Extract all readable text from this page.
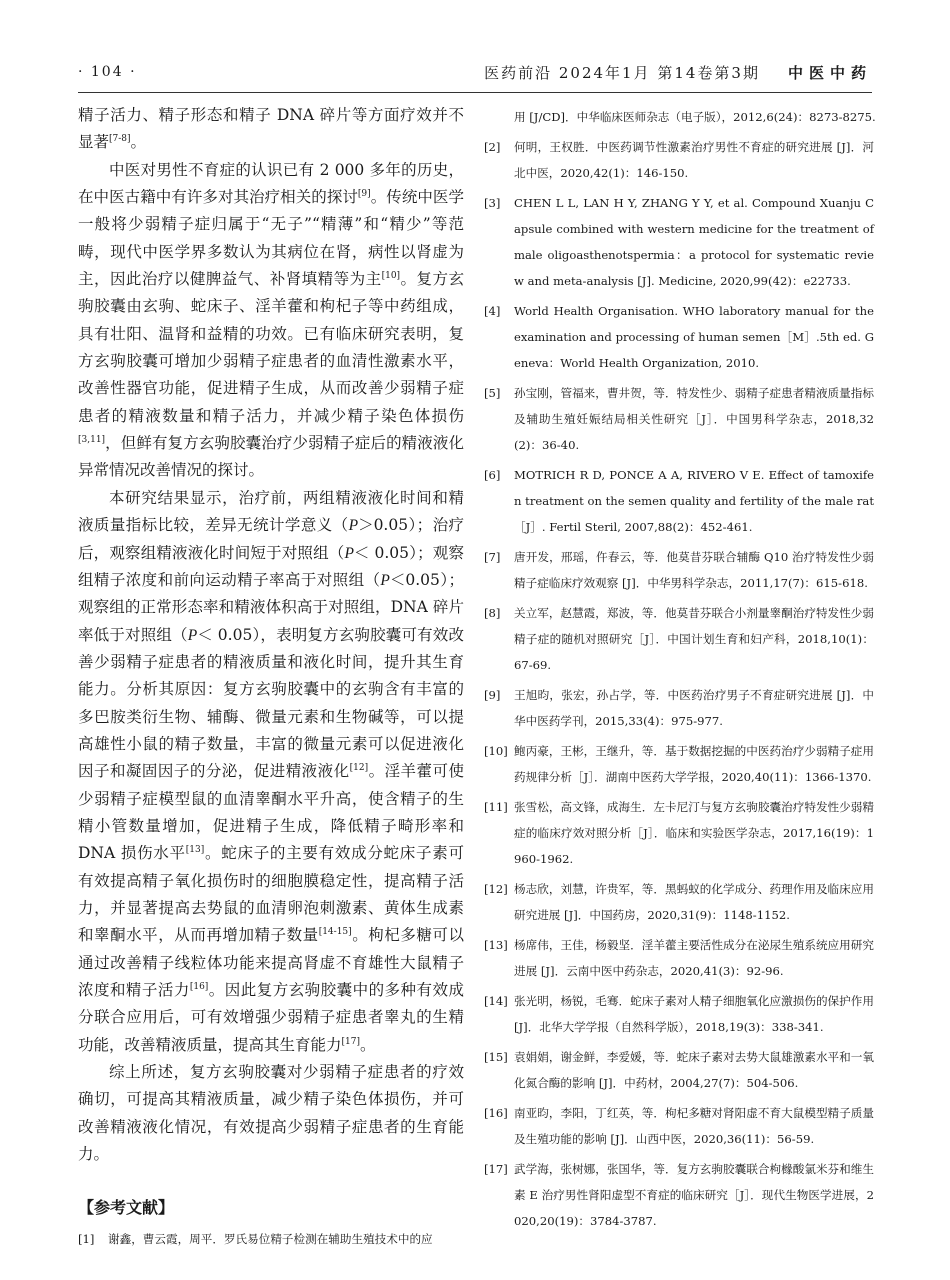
· 104 ·	医药前沿 2024年1月 第14卷第3期 中医中药

精子活力、精子形态和精子 DNA 碎片等方面疗效并不显著[7-8]。

中医对男性不育症的认识已有 2 000 多年的历史，在中医古籍中有许多对其治疗相关的探讨[9]。传统中医学一般将少弱精子症归属于“无子”“精薄”和“精少”等范畴，现代中医学界多数认为其病位在肾，病性以肾虚为主，因此治疗以健脾益气、补肾填精等为主[10]。复方玄驹胶囊由玄驹、蛇床子、淫羊藿和枸杞子等中药组成，具有壮阳、温肾和益精的功效。已有临床研究表明，复方玄驹胶囊可增加少弱精子症患者的血清性激素水平，改善性器官功能，促进精子生成，从而改善少弱精子症患者的精液数量和精子活力，并减少精子染色体损伤[3,11]，但鲜有复方玄驹胶囊治疗少弱精子症后的精液液化异常情况改善情况的探讨。

本研究结果显示，治疗前，两组精液液化时间和精液质量指标比较，差异无统计学意义（P＞0.05）；治疗后，观察组精液液化时间短于对照组（P＜ 0.05）；观察组精子浓度和前向运动精子率高于对照组（P＜0.05）；观察组的正常形态率和精液体积高于对照组，DNA 碎片率低于对照组（P＜ 0.05），表明复方玄驹胶囊可有效改善少弱精子症患者的精液质量和液化时间，提升其生育能力。分析其原因：复方玄驹胶囊中的玄驹含有丰富的多巴胺类衍生物、辅酶、微量元素和生物碱等，可以提高雄性小鼠的精子数量，丰富的微量元素可以促进液化因子和凝固因子的分泌，促进精液液化[12]。淫羊藿可使少弱精子症模型鼠的血清睾酮水平升高，使含精子的生精小管数量增加，促进精子生成，降低精子畸形率和 DNA 损伤水平[13]。蛇床子的主要有效成分蛇床子素可有效提高精子氧化损伤时的细胞膜稳定性，提高精子活力，并显著提高去势鼠的血清卵泡刺激素、黄体生成素和睾酮水平，从而再增加精子数量[14-15]。枸杞多糖可以通过改善精子线粒体功能来提高肾虚不育雄性大鼠精子浓度和精子活力[16]。因此复方玄驹胶囊中的多种有效成分联合应用后，可有效增强少弱精子症患者睾丸的生精功能，改善精液质量，提高其生育能力[17]。

综上所述，复方玄驹胶囊对少弱精子症患者的疗效确切，可提高其精液质量，减少精子染色体损伤，并可改善精液液化情况，有效提高少弱精子症患者的生育能力。

【参考文献】

[1]	谢鑫，曹云霞，周平．罗氏易位精子检测在辅助生殖技术中的应

用 [J/CD]．中华临床医师杂志（电子版），2012,6(24)：8273-8275.

[2]	何明，王权胜．中医药调节性激素治疗男性不育症的研究进展 [J]．河北中医，2020,42(1)：146-150.
[3]	CHEN L L, LAN H Y, ZHANG Y Y, et al. Compound Xuanju Capsule combined with western medicine for the treatment of male oligoasthenotspermia：a protocol for systematic review and meta-analysis [J]. Medicine, 2020,99(42)：e22733.
[4]	World Health Organisation. WHO laboratory manual for the examination and processing of human semen［M］.5th ed. Geneva：World Health Organization, 2010.
[5]	孙宝刚，管福来，曹井贺，等．特发性少、弱精子症患者精液质量指标及辅助生殖妊娠结局相关性研究［J］．中国男科学杂志，2018,32(2)：36-40.
[6]	MOTRICH R D, PONCE A A, RIVERO V E. Effect of tamoxifen treatment on the semen quality and fertility of the male rat［J］. Fertil Steril, 2007,88(2)：452-461.
[7]	唐开发，邢瑶，仵春云，等．他莫昔芬联合辅酶 Q10 治疗特发性少弱精子症临床疗效观察 [J]．中华男科学杂志，2011,17(7)：615-618.
[8]	关立军，赵慧霞，郑波，等．他莫昔芬联合小剂量睾酮治疗特发性少弱精子症的随机对照研究［J］．中国计划生育和妇产科，2018,10(1)：67-69.
[9]	王旭昀，张宏，孙占学，等．中医药治疗男子不育症研究进展 [J]．中华中医药学刊，2015,33(4)：975-977.
[10] 鲍丙豪，王彬，王继升，等．基于数据挖掘的中医药治疗少弱精子症用药规律分析［J］．湖南中医药大学学报，2020,40(11)：1366-1370.
[11] 张雪松，高文锋，成海生．左卡尼汀与复方玄驹胶囊治疗特发性少弱精症的临床疗效对照分析［J］．临床和实验医学杂志，2017,16(19)：1960-1962.
[12] 杨志欣，刘慧，许贵军，等．黑蚂蚁的化学成分、药理作用及临床应用研究进展 [J]．中国药房，2020,31(9)：1148-1152.
[13] 杨席伟，王佳，杨毅坚．淫羊藿主要活性成分在泌尿生殖系统应用研究进展 [J]．云南中医中药杂志，2020,41(3)：92-96.
[14] 张光明，杨锐，毛骞．蛇床子素对人精子细胞氧化应激损伤的保护作用 [J]．北华大学学报（自然科学版），2018,19(3)：338-341.
[15] 袁娟娟，谢金鲜，李爱媛，等．蛇床子素对去势大鼠雄激素水平和一氧化氮合酶的影响 [J]．中药材，2004,27(7)：504-506.
[16] 南亚昀，李阳，丁红英，等．枸杞多糖对肾阳虚不育大鼠模型精子质量及生殖功能的影响 [J]．山西中医，2020,36(11)：56-59.
[17] 武学海，张树娜，张国华，等．复方玄驹胶囊联合枸橼酸氯米芬和维生素 E 治疗男性肾阳虚型不育症的临床研究［J］．现代生物医学进展，2020,20(19)：3784-3787.
